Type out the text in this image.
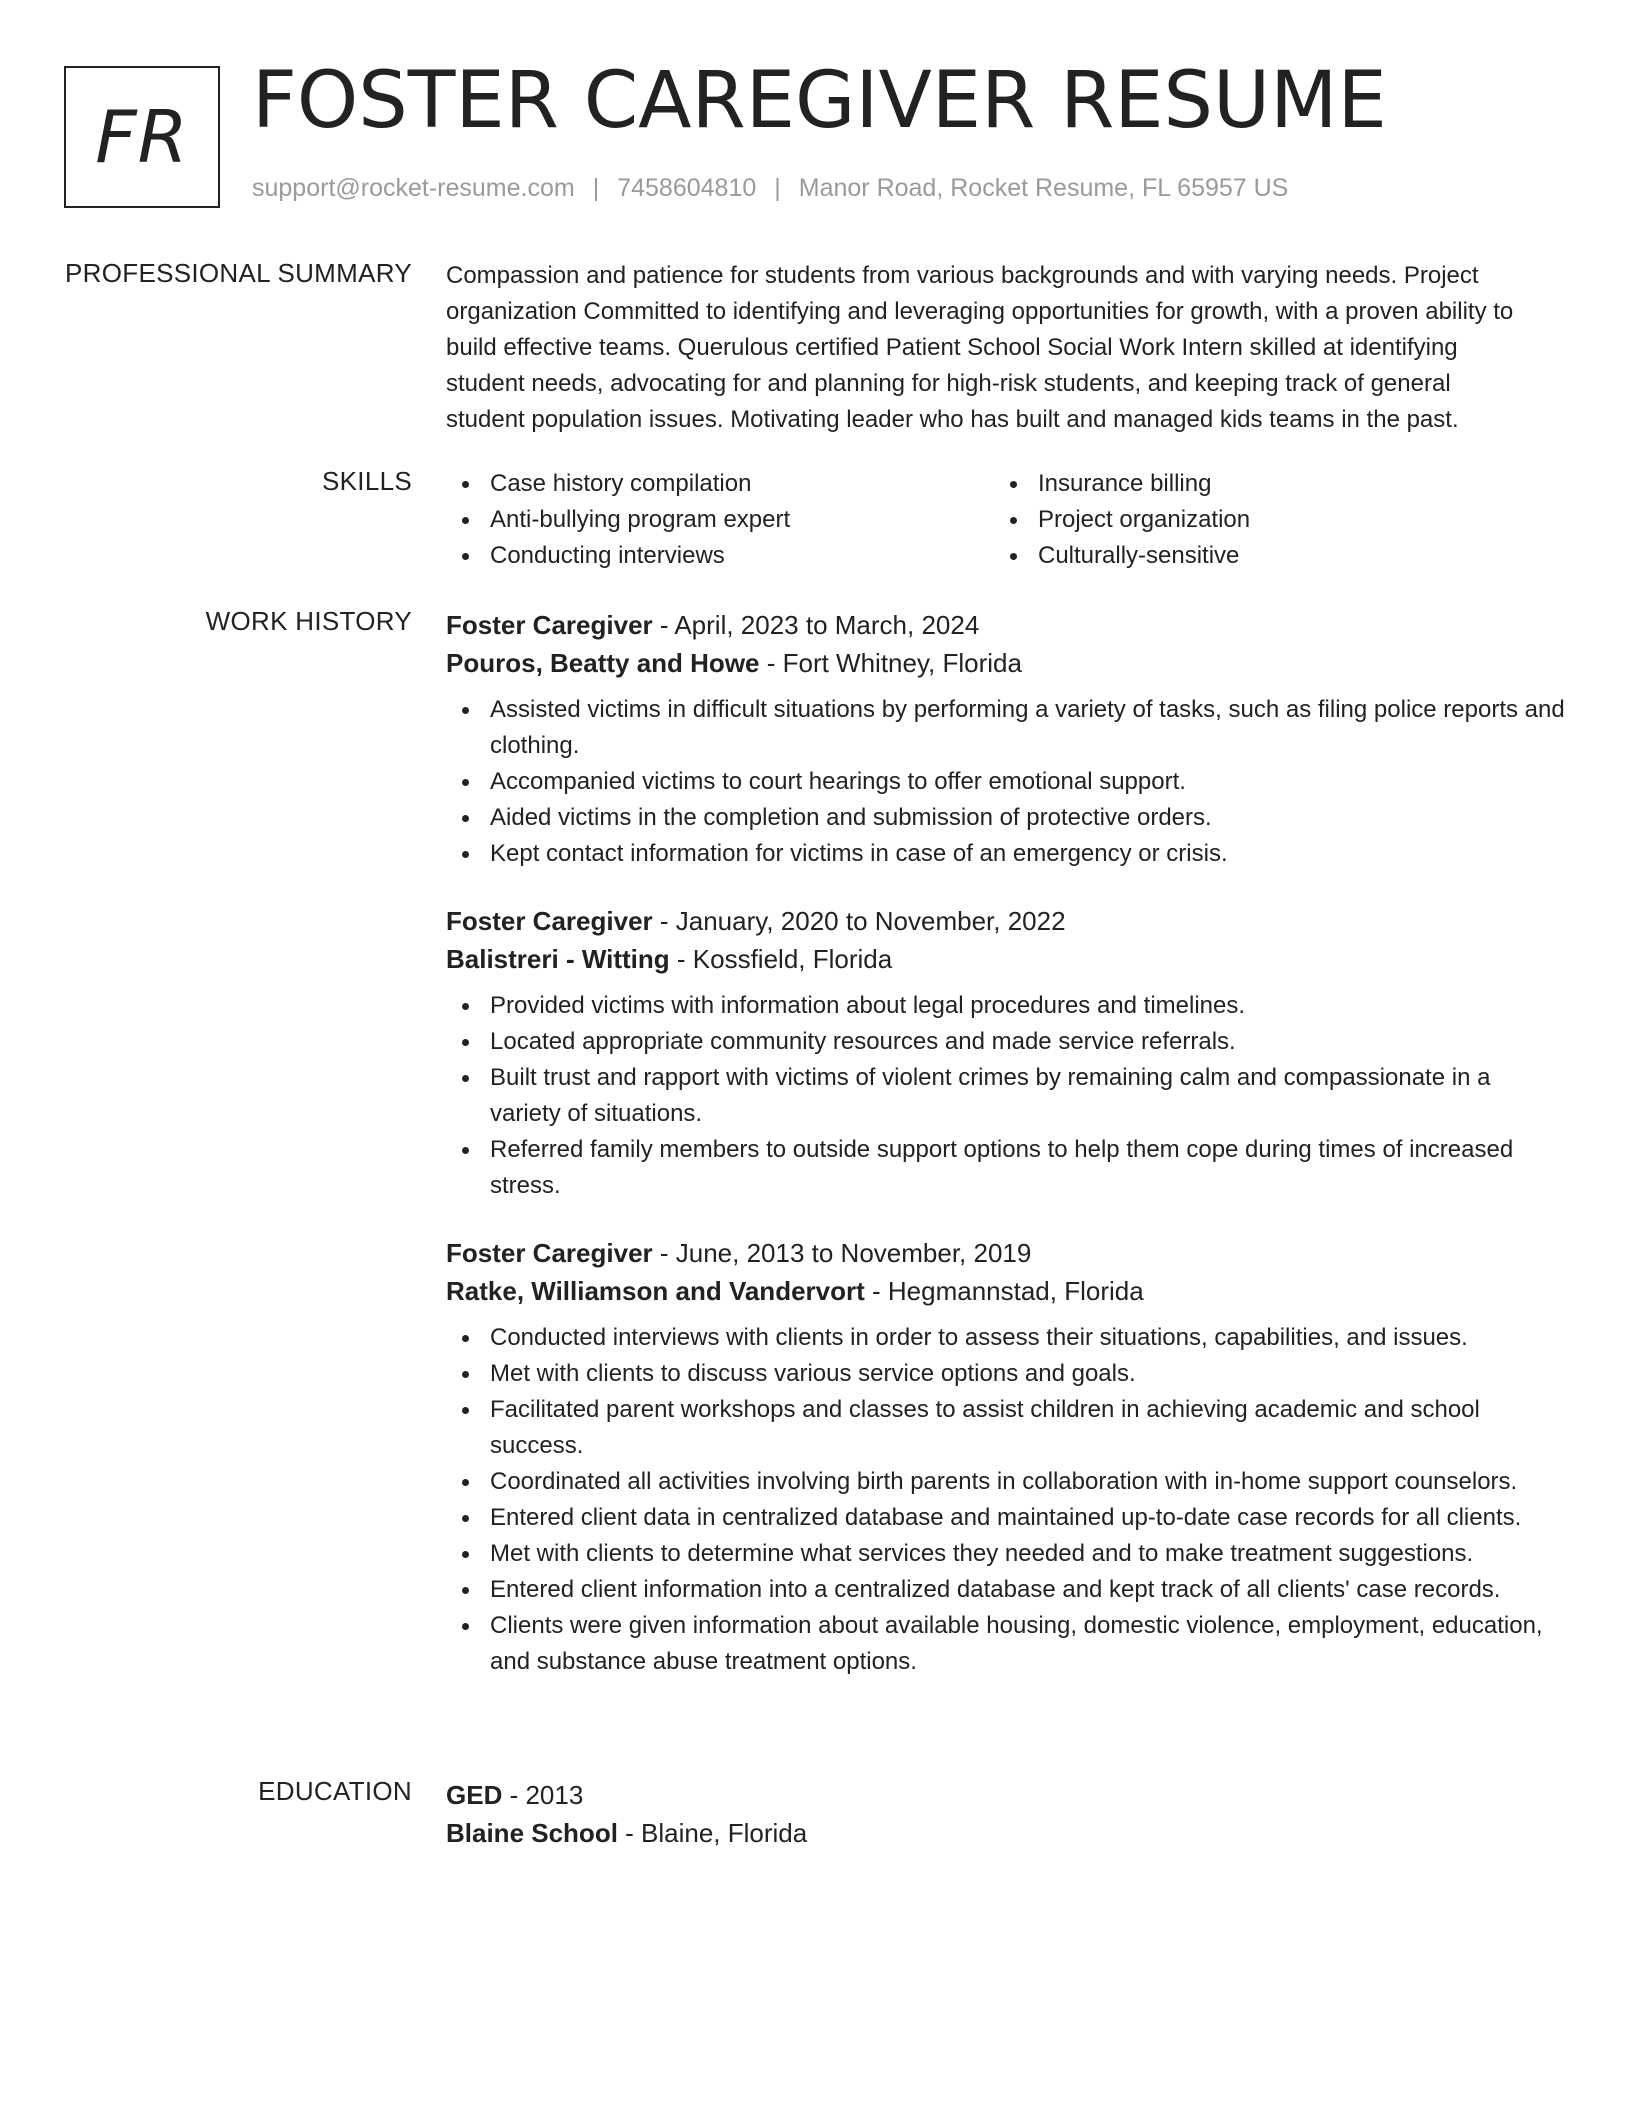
FR FOSTER CAREGIVER RESUME
support@rocket-resume.com | 7458604810 | Manor Road, Rocket Resume, FL 65957 US
PROFESSIONAL SUMMARY Compassion and patience for students from various backgrounds and with varying needs. Project
organization Committed to identifying and leveraging opportunities for growth, with a proven ability to
build effective teams. Querulous certified Patient School Social Work Intern skilled at identifying
student needs, advocating for and planning for high-risk students, and keeping track of general
student population issues. Motivating leader who has built and managed kids teams in the past.
SKILLS	Case history compilation
Anti-bullying program expert
Conducting interviews
Insurance billing
Project organization
Culturally-sensitive
WORK HISTORY Foster Caregiver - April, 2023 to March, 2024
Pouros, Beatty and Howe - Fort Whitney, Florida
Assisted victims in difficult situations by performing a variety of tasks, such as filing police reports and clothing.
Accompanied victims to court hearings to offer emotional support.
Aided victims in the completion and submission of protective orders.
Kept contact information for victims in case of an emergency or crisis.
Foster Caregiver - January, 2020 to November, 2022
Balistreri - Witting - Kossfield, Florida
Provided victims with information about legal procedures and timelines.
Located appropriate community resources and made service referrals.
Built trust and rapport with victims of violent crimes by remaining calm and compassionate in a variety of situations.
Referred family members to outside support options to help them cope during times of increased stress.
Foster Caregiver - June, 2013 to November, 2019
Ratke, Williamson and Vandervort - Hegmannstad, Florida
Conducted interviews with clients in order to assess their situations, capabilities, and issues.
Met with clients to discuss various service options and goals.
Facilitated parent workshops and classes to assist children in achieving academic and school success.
Coordinated all activities involving birth parents in collaboration with in-home support counselors.
Entered client data in centralized database and maintained up-to-date case records for all clients.
Met with clients to determine what services they needed and to make treatment suggestions.
Entered client information into a centralized database and kept track of all clients' case records.
Clients were given information about available housing, domestic violence, employment, education, and substance abuse treatment options.
EDUCATION GED - 2013
Blaine School - Blaine, Florida
